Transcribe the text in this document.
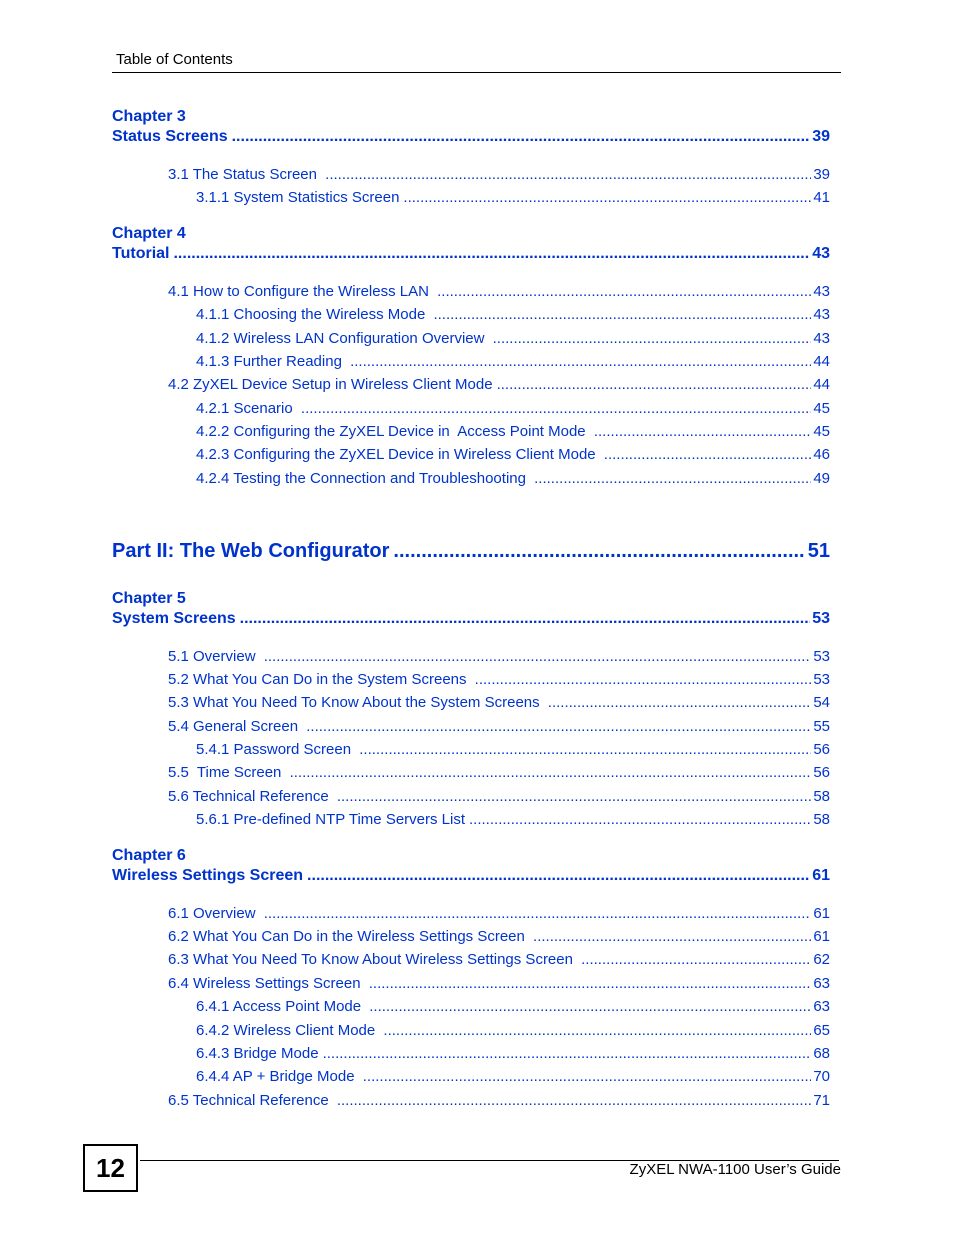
Table of Contents
Chapter 3
Status Screens .....	39
3.1 The Status Screen .....	39
3.1.1 System Statistics Screen .....	41
Chapter 4
Tutorial .....	43
4.1 How to Configure the Wireless LAN .....	43
4.1.1 Choosing the Wireless Mode .....	43
4.1.2 Wireless LAN Configuration Overview .....	43
4.1.3 Further Reading .....	44
4.2 ZyXEL Device Setup in Wireless Client Mode .....	44
4.2.1 Scenario .....	45
4.2.2 Configuring the ZyXEL Device in  Access Point Mode .....	45
4.2.3 Configuring the ZyXEL Device in Wireless Client Mode .....	46
4.2.4 Testing the Connection and Troubleshooting .....	49
Part II: The Web Configurator .....	51
Chapter 5
System Screens .....	53
5.1 Overview .....	53
5.2 What You Can Do in the System Screens .....	53
5.3 What You Need To Know About the System Screens .....	54
5.4 General Screen .....	55
5.4.1 Password Screen .....	56
5.5  Time Screen .....	56
5.6 Technical Reference .....	58
5.6.1 Pre-defined NTP Time Servers List .....	58
Chapter 6
Wireless Settings Screen .....	61
6.1 Overview .....	61
6.2 What You Can Do in the Wireless Settings Screen .....	61
6.3 What You Need To Know About Wireless Settings Screen .....	62
6.4 Wireless Settings Screen .....	63
6.4.1 Access Point Mode .....	63
6.4.2 Wireless Client Mode .....	65
6.4.3 Bridge Mode .....	68
6.4.4 AP + Bridge Mode .....	70
6.5 Technical Reference .....	71
12	ZyXEL NWA-1100 User’s Guide
